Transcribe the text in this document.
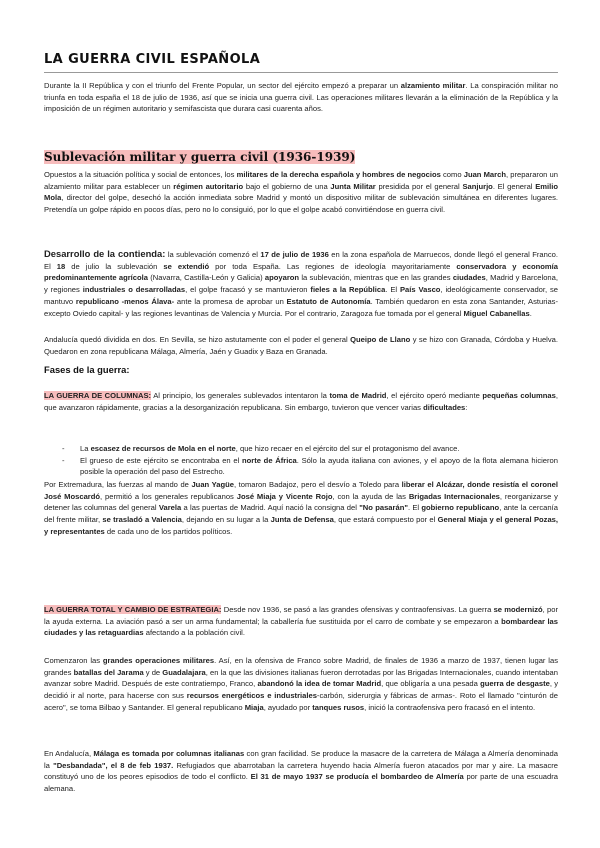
LA GUERRA CIVIL ESPAÑOLA

Durante la II República y con el triunfo del Frente Popular, un sector del ejército empezó a preparar un alzamiento militar. La conspiración militar no triunfa en toda españa el 18 de julio de 1936, así que se inicia una guerra civil. Las operaciones militares llevarán a la eliminación de la República y la imposición de un régimen autoritario y semifascista que durara casi cuarenta años.

Sublevación militar y guerra civil (1936-1939)

Opuestos a la situación política y social de entonces, los militares de la derecha española y hombres de negocios como Juan March, prepararon un alzamiento militar para establecer un régimen autoritario bajo el gobierno de una Junta Militar presidida por el general Sanjurjo. El general Emilio Mola, director del golpe, desechó la acción inmediata sobre Madrid y montó un dispositivo militar de sublevación simultánea en diferentes lugares. Pretendía un golpe rápido en pocos días, pero no lo consiguió, por lo que el golpe acabó convirtiéndose en guerra civil.

Desarrollo de la contienda: la sublevación comenzó el 17 de julio de 1936 en la zona española de Marruecos, donde llegó el general Franco. El 18 de julio la sublevación se extendió por toda España. Las regiones de ideología mayoritariamente conservadora y economía predominantemente agrícola (Navarra, Castilla-León y Galicia) apoyaron la sublevación, mientras que en las grandes ciudades, Madrid y Barcelona, y regiones industriales o desarrolladas, el golpe fracasó y se mantuvieron fieles a la República. El País Vasco, ideológicamente conservador, se mantuvo republicano -menos Álava- ante la promesa de aprobar un Estatuto de Autonomía. También quedaron en esta zona Santander, Asturias-excepto Oviedo capital- y las regiones levantinas de Valencia y Murcia. Por el contrario, Zaragoza fue tomada por el general Miguel Cabanellas.

Andalucía quedó dividida en dos. En Sevilla, se hizo astutamente con el poder el general Queipo de Llano y se hizo con Granada, Córdoba y Huelva. Quedaron en zona republicana Málaga, Almería, Jaén y Guadix y Baza en Granada.

Fases de la guerra:

LA GUERRA DE COLUMNAS: Al principio, los generales sublevados intentaron la toma de Madrid, el ejército operó mediante pequeñas columnas, que avanzaron rápidamente, gracias a la desorganización republicana. Sin embargo, tuvieron que vencer varias dificultades:

- La escasez de recursos de Mola en el norte, que hizo recaer en el ejército del sur el protagonismo del avance.
- El grueso de este ejército se encontraba en el norte de África. Sólo la ayuda italiana con aviones, y el apoyo de la flota alemana hicieron posible la operación del paso del Estrecho.

Por Extremadura, las fuerzas al mando de Juan Yagüe, tomaron Badajoz, pero el desvío a Toledo para liberar el Alcázar, donde resistía el coronel José Moscardó, permitió a los generales republicanos José Miaja y Vicente Rojo, con la ayuda de las Brigadas Internacionales, reorganizarse y detener las columnas del general Varela a las puertas de Madrid. Aquí nació la consigna del "No pasarán". El gobierno republicano, ante la cercanía del frente militar, se trasladó a Valencia, dejando en su lugar a la Junta de Defensa, que estará compuesto por el General Miaja y el general Pozas, y representantes de cada uno de los partidos políticos.

LA GUERRA TOTAL Y CAMBIO DE ESTRATEGIA: Desde nov 1936, se pasó a las grandes ofensivas y contraofensivas. La guerra se modernizó, por la ayuda externa. La aviación pasó a ser un arma fundamental; la caballería fue sustituida por el carro de combate y se empezaron a bombardear las ciudades y las retaguardias afectando a la población civil.

Comenzaron las grandes operaciones militares. Así, en la ofensiva de Franco sobre Madrid, de finales de 1936 a marzo de 1937, tienen lugar las grandes batallas del Jarama y de Guadalajara, en la que las divisiones italianas fueron derrotadas por las Brigadas Internacionales, cuando intentaban avanzar sobre Madrid. Después de este contratiempo, Franco, abandonó la idea de tomar Madrid, que obligaría a una pesada guerra de desgaste, y decidió ir al norte, para hacerse con sus recursos energéticos e industriales-carbón, siderurgia y fábricas de armas-. Roto el llamado "cinturón de acero", se toma Bilbao y Santander. El general republicano Miaja, ayudado por tanques rusos, inició la contraofensiva pero fracasó en el intento.

En Andalucía, Málaga es tomada por columnas italianas con gran facilidad. Se produce la masacre de la carretera de Málaga a Almería denominada la "Desbandada", el 8 de feb 1937. Refugiados que abarrotaban la carretera huyendo hacia Almería fueron atacados por mar y aire. La masacre constituyó uno de los peores episodios de todo el conflicto. El 31 de mayo 1937 se producía el bombardeo de Almería por parte de una escuadra alemana.
